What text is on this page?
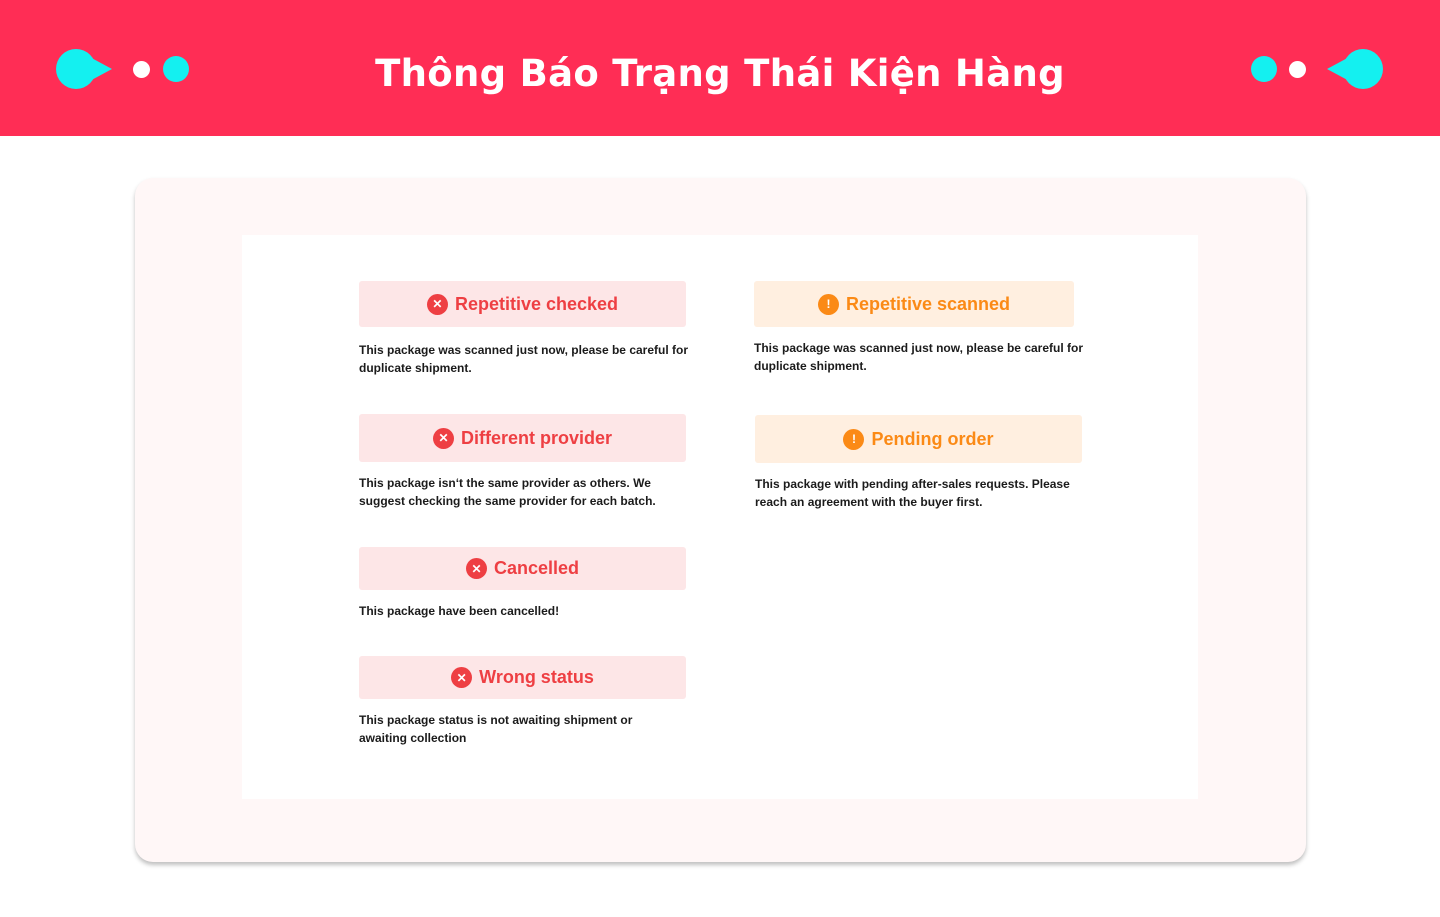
Thông Báo Trạng Thái Kiện Hàng
✕ Repetitive checked
This package was scanned just now, please be careful for duplicate shipment.
✕ Different provider
This package isn‘t the same provider as others. We suggest checking the same provider for each batch.
✕ Cancelled
This package have been cancelled!
✕ Wrong status
This package status is not awaiting shipment or awaiting collection
! Repetitive scanned
This package was scanned just now, please be careful for duplicate shipment.
! Pending order
This package with pending after-sales requests. Please reach an agreement with the buyer first.
